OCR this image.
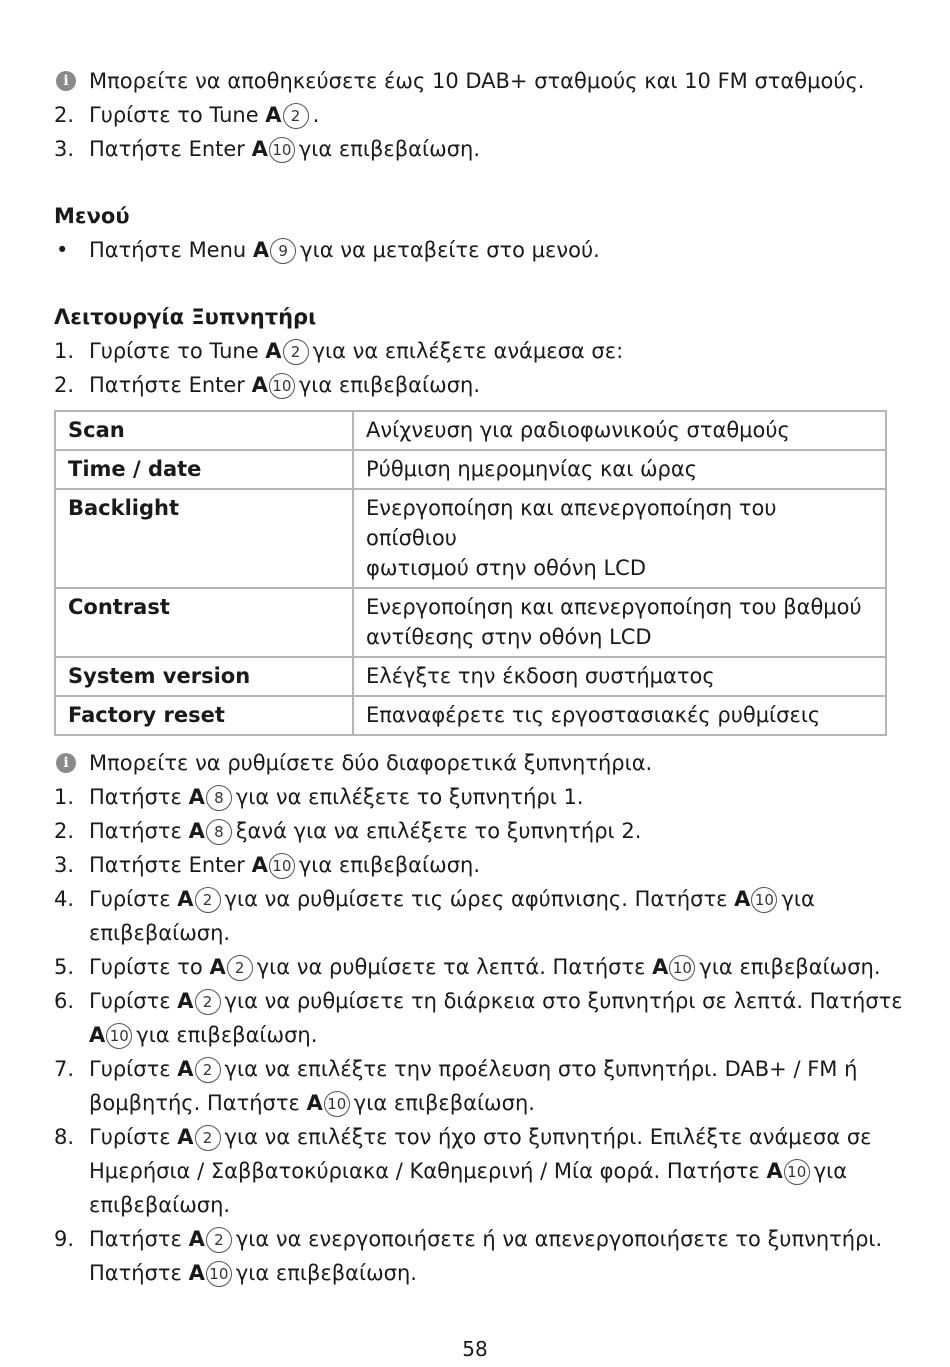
i Μπορείτε να αποθηκεύσετε έως 10 DAB+ σταθμούς και 10 FM σταθμούς.
2. Γυρίστε το Tune A 2 .
3. Πατήστε Enter A 10 για επιβεβαίωση.
Μενού
• Πατήστε Menu A 9 για να μεταβείτε στο μενού.
Λειτουργία Ξυπνητήρι
1. Γυρίστε το Tune A 2 για να επιλέξετε ανάμεσα σε:
2. Πατήστε Enter A 10 για επιβεβαίωση.
Scan	Ανίχνευση για ραδιοφωνικούς σταθμούς
Time / date	Ρύθμιση ημερομηνίας και ώρας
Backlight	Ενεργοποίηση και απενεργοποίηση του οπίσθιου
φωτισμού στην οθόνη LCD

Contrast	Ενεργοποίηση και απενεργοποίηση του βαθμού
αντίθεσης στην οθόνη LCD

System version	Ελέγξτε την έκδοση συστήματος
Factory reset	Επαναφέρετε τις εργοστασιακές ρυθμίσεις
i Μπορείτε να ρυθμίσετε δύο διαφορετικά ξυπνητήρια.
1. Πατήστε A 8 για να επιλέξετε το ξυπνητήρι 1.
2. Πατήστε A 8 ξανά για να επιλέξετε το ξυπνητήρι 2.
3. Πατήστε Enter A 10 για επιβεβαίωση.
4. Γυρίστε A 2 για να ρυθμίσετε τις ώρες αφύπνισης. Πατήστε A 10 για
επιβεβαίωση.
5. Γυρίστε το A 2 για να ρυθμίσετε τα λεπτά. Πατήστε A 10 για επιβεβαίωση.
6. Γυρίστε A 2 για να ρυθμίσετε τη διάρκεια στο ξυπνητήρι σε λεπτά. Πατήστε
A 10 για επιβεβαίωση.
7. Γυρίστε A 2 για να επιλέξτε την προέλευση στο ξυπνητήρι. DAB+ / FM ή
βομβητής. Πατήστε A 10 για επιβεβαίωση.
8. Γυρίστε A 2 για να επιλέξτε τον ήχο στο ξυπνητήρι. Επιλέξτε ανάμεσα σε
Ημερήσια / Σαββατοκύριακα / Καθημερινή / Μία φορά. Πατήστε A 10 για
επιβεβαίωση.
9. Πατήστε A 2 για να ενεργοποιήσετε ή να απενεργοποιήσετε το ξυπνητήρι.
Πατήστε A 10 για επιβεβαίωση.
58
